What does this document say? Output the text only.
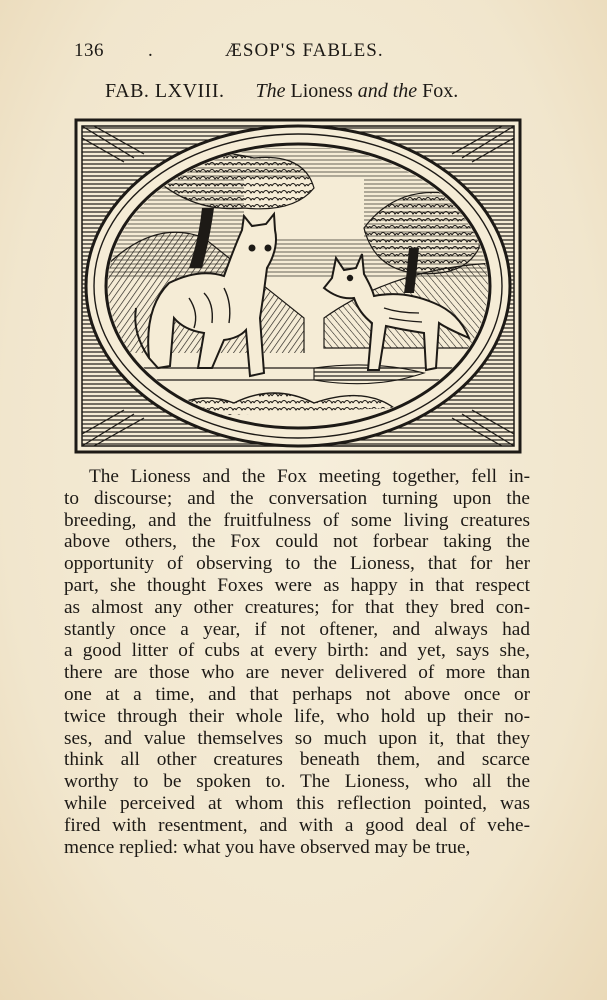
136 .	ÆSOP'S FABLES.
FAB. LXVIII. The Lioness and the Fox.
The Lioness and the Fox meeting together, fell in-
to discourse; and the conversation turning upon the
breeding, and the fruitfulness of some living creatures
above others, the Fox could not forbear taking the
opportunity of observing to the Lioness, that for her
part, she thought Foxes were as happy in that respect
as almost any other creatures; for that they bred con-
stantly once a year, if not oftener, and always had
a good litter of cubs at every birth: and yet, says she,
there are those who are never delivered of more than
one at a time, and that perhaps not above once or
twice through their whole life, who hold up their no-
ses, and value themselves so much upon it, that they
think all other creatures beneath them, and scarce
worthy to be spoken to. The Lioness, who all the
while perceived at whom this reflection pointed, was
fired with resentment, and with a good deal of vehe-
mence replied: what you have observed may be true,
